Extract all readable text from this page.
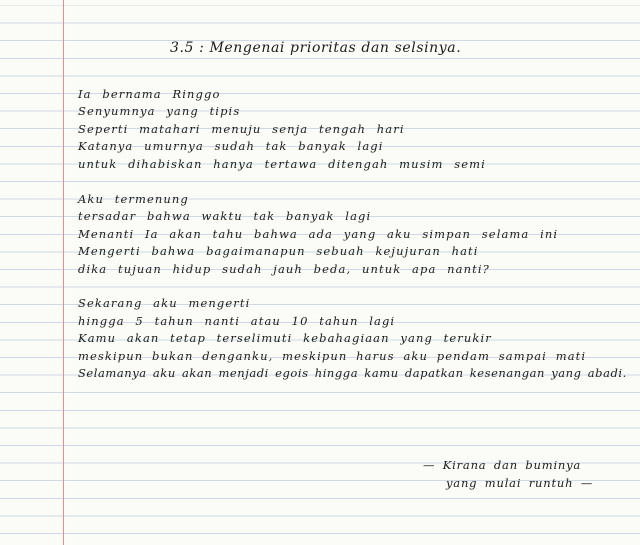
3.5 : Mengenai prioritas dan selsinya.
Ia bernama Ringgo
Senyumnya yang tipis
Seperti matahari menuju senja tengah hari
Katanya umurnya sudah tak banyak lagi
untuk dihabiskan hanya tertawa ditengah musim semi
Aku termenung
tersadar bahwa waktu tak banyak lagi
Menanti Ia akan tahu bahwa ada yang aku simpan selama ini
Mengerti bahwa bagaimanapun sebuah kejujuran hati
dika tujuan hidup sudah jauh beda, untuk apa nanti?
Sekarang aku mengerti
hingga 5 tahun nanti atau 10 tahun lagi
Kamu akan tetap terselimuti kebahagiaan yang terukir
meskipun bukan denganku, meskipun harus aku pendam sampai mati
Selamanya aku akan menjadi egois hingga kamu dapatkan kesenangan yang abadi.
— Kirana dan buminya
yang mulai runtuh —
